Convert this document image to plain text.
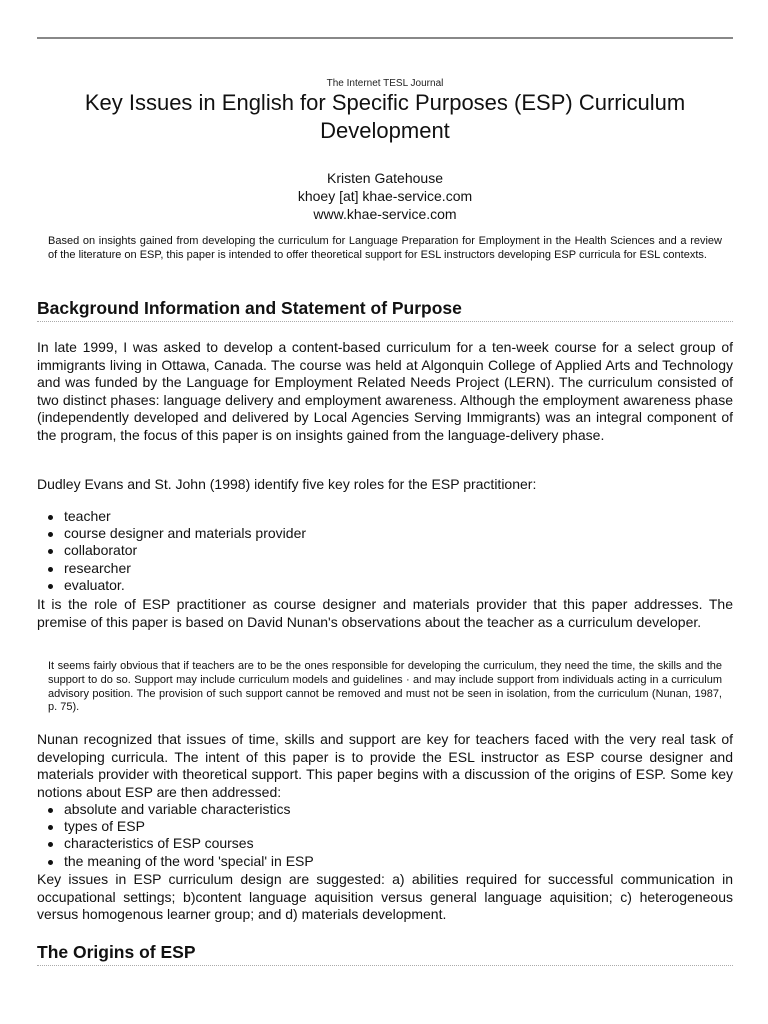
The Internet TESL Journal
Key Issues in English for Specific Purposes (ESP) Curriculum Development
Kristen Gatehouse
khoey [at] khae-service.com
www.khae-service.com

Based on insights gained from developing the curriculum for Language Preparation for Employment in the Health Sciences and a review of the literature on ESP, this paper is intended to offer theoretical support for ESL instructors developing ESP curricula for ESL contexts.

Background Information and Statement of Purpose

In late 1999, I was asked to develop a content-based curriculum for a ten-week course for a select group of immigrants living in Ottawa, Canada. The course was held at Algonquin College of Applied Arts and Technology and was funded by the Language for Employment Related Needs Project (LERN). The curriculum consisted of two distinct phases: language delivery and employment awareness. Although the employment awareness phase (independently developed and delivered by Local Agencies Serving Immigrants) was an integral component of the program, the focus of this paper is on insights gained from the language-delivery phase.

Dudley Evans and St. John (1998) identify five key roles for the ESP practitioner:

teacher
course designer and materials provider
collaborator
researcher
evaluator.

It is the role of ESP practitioner as course designer and materials provider that this paper addresses. The premise of this paper is based on David Nunan's observations about the teacher as a curriculum developer.

It seems fairly obvious that if teachers are to be the ones responsible for developing the curriculum, they need the time, the skills and the support to do so. Support may include curriculum models and guidelines · and may include support from individuals acting in a curriculum advisory position. The provision of such support cannot be removed and must not be seen in isolation, from the curriculum (Nunan, 1987, p. 75).

Nunan recognized that issues of time, skills and support are key for teachers faced with the very real task of developing curricula. The intent of this paper is to provide the ESL instructor as ESP course designer and materials provider with theoretical support. This paper begins with a discussion of the origins of ESP. Some key notions about ESP are then addressed:

absolute and variable characteristics
types of ESP
characteristics of ESP courses
the meaning of the word 'special' in ESP

Key issues in ESP curriculum design are suggested: a) abilities required for successful communication in occupational settings; b)content language aquisition versus general language aquisition; c) heterogeneous versus homogenous learner group; and d) materials development.

The Origins of ESP
